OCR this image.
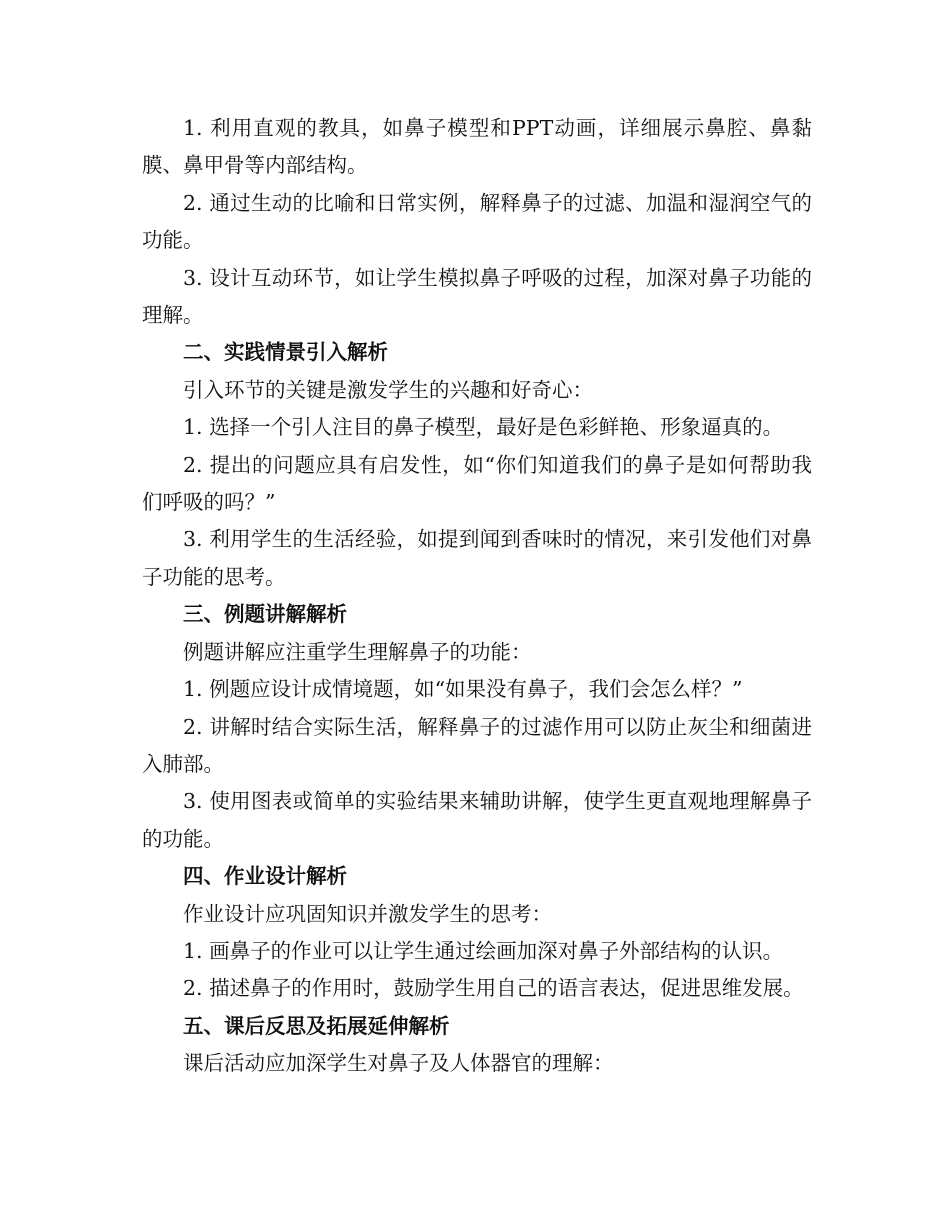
1. 利用直观的教具，如鼻子模型和PPT动画，详细展示鼻腔、鼻黏膜、鼻甲骨等内部结构。

2. 通过生动的比喻和日常实例，解释鼻子的过滤、加温和湿润空气的功能。

3. 设计互动环节，如让学生模拟鼻子呼吸的过程，加深对鼻子功能的理解。

二、实践情景引入解析

引入环节的关键是激发学生的兴趣和好奇心：

1. 选择一个引人注目的鼻子模型，最好是色彩鲜艳、形象逼真的。

2. 提出的问题应具有启发性，如“你们知道我们的鼻子是如何帮助我们呼吸的吗？”

3. 利用学生的生活经验，如提到闻到香味时的情况，来引发他们对鼻子功能的思考。

三、例题讲解解析

例题讲解应注重学生理解鼻子的功能：

1. 例题应设计成情境题，如“如果没有鼻子，我们会怎么样？”

2. 讲解时结合实际生活，解释鼻子的过滤作用可以防止灰尘和细菌进入肺部。

3. 使用图表或简单的实验结果来辅助讲解，使学生更直观地理解鼻子的功能。

四、作业设计解析

作业设计应巩固知识并激发学生的思考：

1. 画鼻子的作业可以让学生通过绘画加深对鼻子外部结构的认识。

2. 描述鼻子的作用时，鼓励学生用自己的语言表达，促进思维发展。

五、课后反思及拓展延伸解析

课后活动应加深学生对鼻子及人体器官的理解：
